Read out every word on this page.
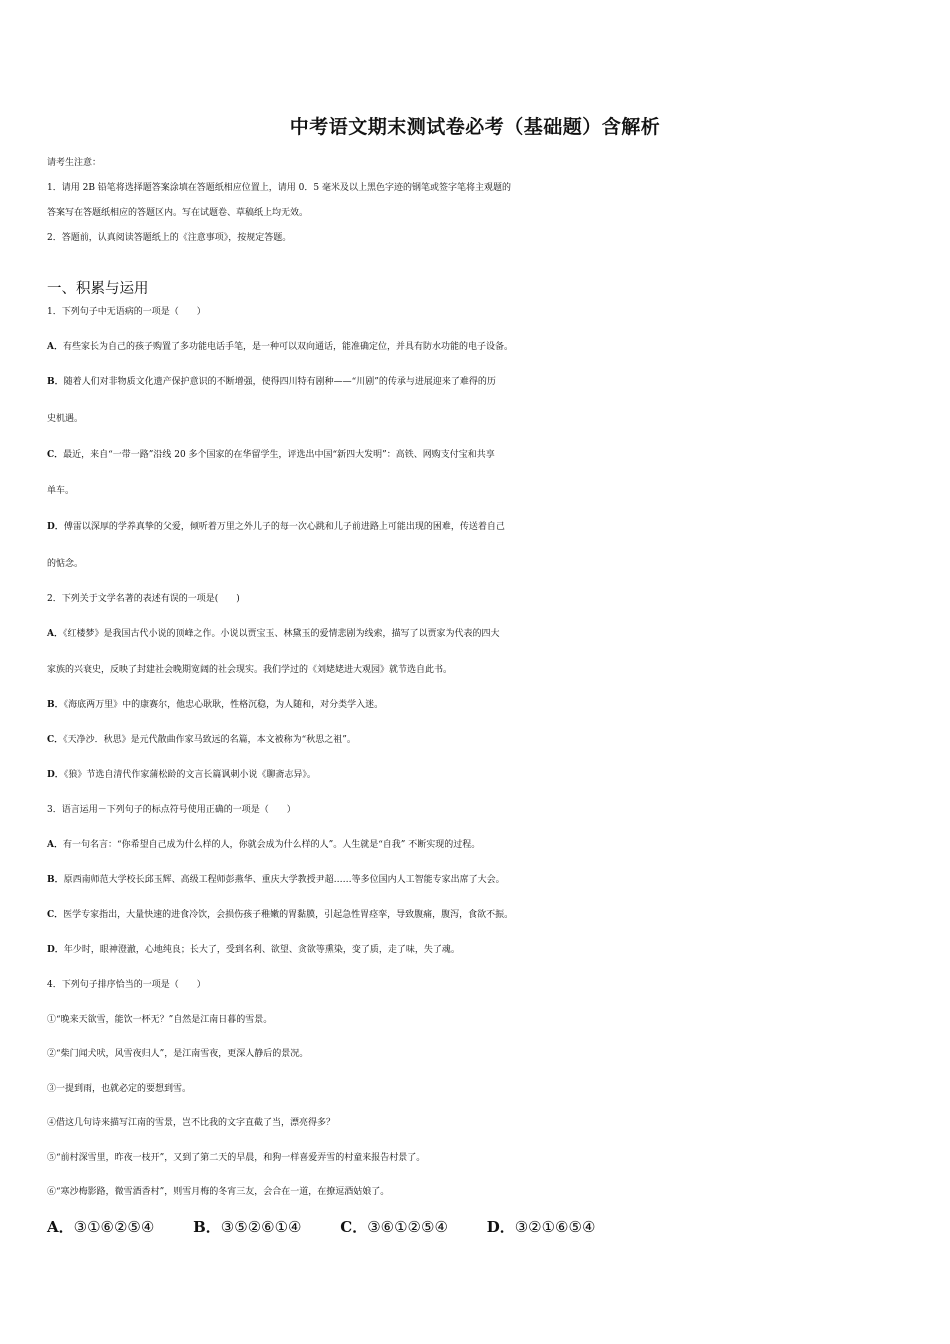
中考语文期末测试卷必考（基础题）含解析
请考生注意：
1．请用 2B 铅笔将选择题答案涂填在答题纸相应位置上，请用 0．5 毫米及以上黑色字迹的钢笔或签字笔将主观题的
答案写在答题纸相应的答题区内。写在试题卷、草稿纸上均无效。
2．答题前，认真阅读答题纸上的《注意事项》，按规定答题。
一、积累与运用
1．下列句子中无语病的一项是（　　）
A．有些家长为自己的孩子购置了多功能电话手笔，是一种可以双向通话，能准确定位，并具有防水功能的电子设备。
B．随着人们对非物质文化遗产保护意识的不断增强，使得四川特有剧种——“川剧”的传承与进展迎来了难得的历
史机遇。
C．最近，来自“一带一路”沿线 20 多个国家的在华留学生，评选出中国“新四大发明”：高铁、网购支付宝和共享
单车。
D．傅雷以深厚的学养真挚的父爱，倾听着万里之外儿子的每一次心跳和儿子前进路上可能出现的困难，传送着自己
的惦念。
2．下列关于文学名著的表述有误的一项是(　　)
A．《红楼梦》是我国古代小说的顶峰之作。小说以贾宝玉、林黛玉的爱情悲剧为线索，描写了以贾家为代表的四大
家族的兴衰史，反映了封建社会晚期宽阔的社会现实。我们学过的《刘姥姥进大观园》就节选自此书。
B．《海底两万里》中的康赛尔，他忠心耿耿，性格沉稳，为人随和，对分类学入迷。
C．《天净沙．秋思》是元代散曲作家马致远的名篇，本文被称为“秋思之祖”。
D．《狼》节选自清代作家蒲松龄的文言长篇讽刺小说《聊斋志异》。
3．语言运用－下列句子的标点符号使用正确的一项是（　　）
A．有一句名言：“你希望自己成为什么样的人，你就会成为什么样的人”。人生就是“自我” 不断实现的过程。
B．原西南师范大学校长邱玉辉、高级工程师彭燕华、重庆大学教授尹超……等多位国内人工智能专家出席了大会。
C．医学专家指出，大量快速的进食冷饮，会损伤孩子稚嫩的胃黏膜，引起急性胃痉挛，导致腹痛，腹泻，食欲不振。
D．年少时，眼神澄澈，心地纯良；长大了，受到名利、欲望、贪欲等熏染，变了质，走了味，失了魂。
4．下列句子排序恰当的一项是（　　）
①“晚来天欲雪，能饮一杯无？”自然是江南日暮的雪景。
②“柴门闻犬吠，风雪夜归人”，是江南雪夜，更深人静后的景况。
③一提到雨，也就必定的要想到雪。
④借这几句诗来描写江南的雪景，岂不比我的文字直截了当，漂亮得多？
⑤“前村深雪里，昨夜一枝开”，又到了第二天的早晨，和狗一样喜爱弄雪的村童来报告村景了。
⑥“寒沙梅影路，微雪酒香村”，则雪月梅的冬宵三友，会合在一道，在撩逗酒姑娘了。
A．③①⑥②⑤④	B．③⑤②⑥①④	C．③⑥①②⑤④	D．③②①⑥⑤④
